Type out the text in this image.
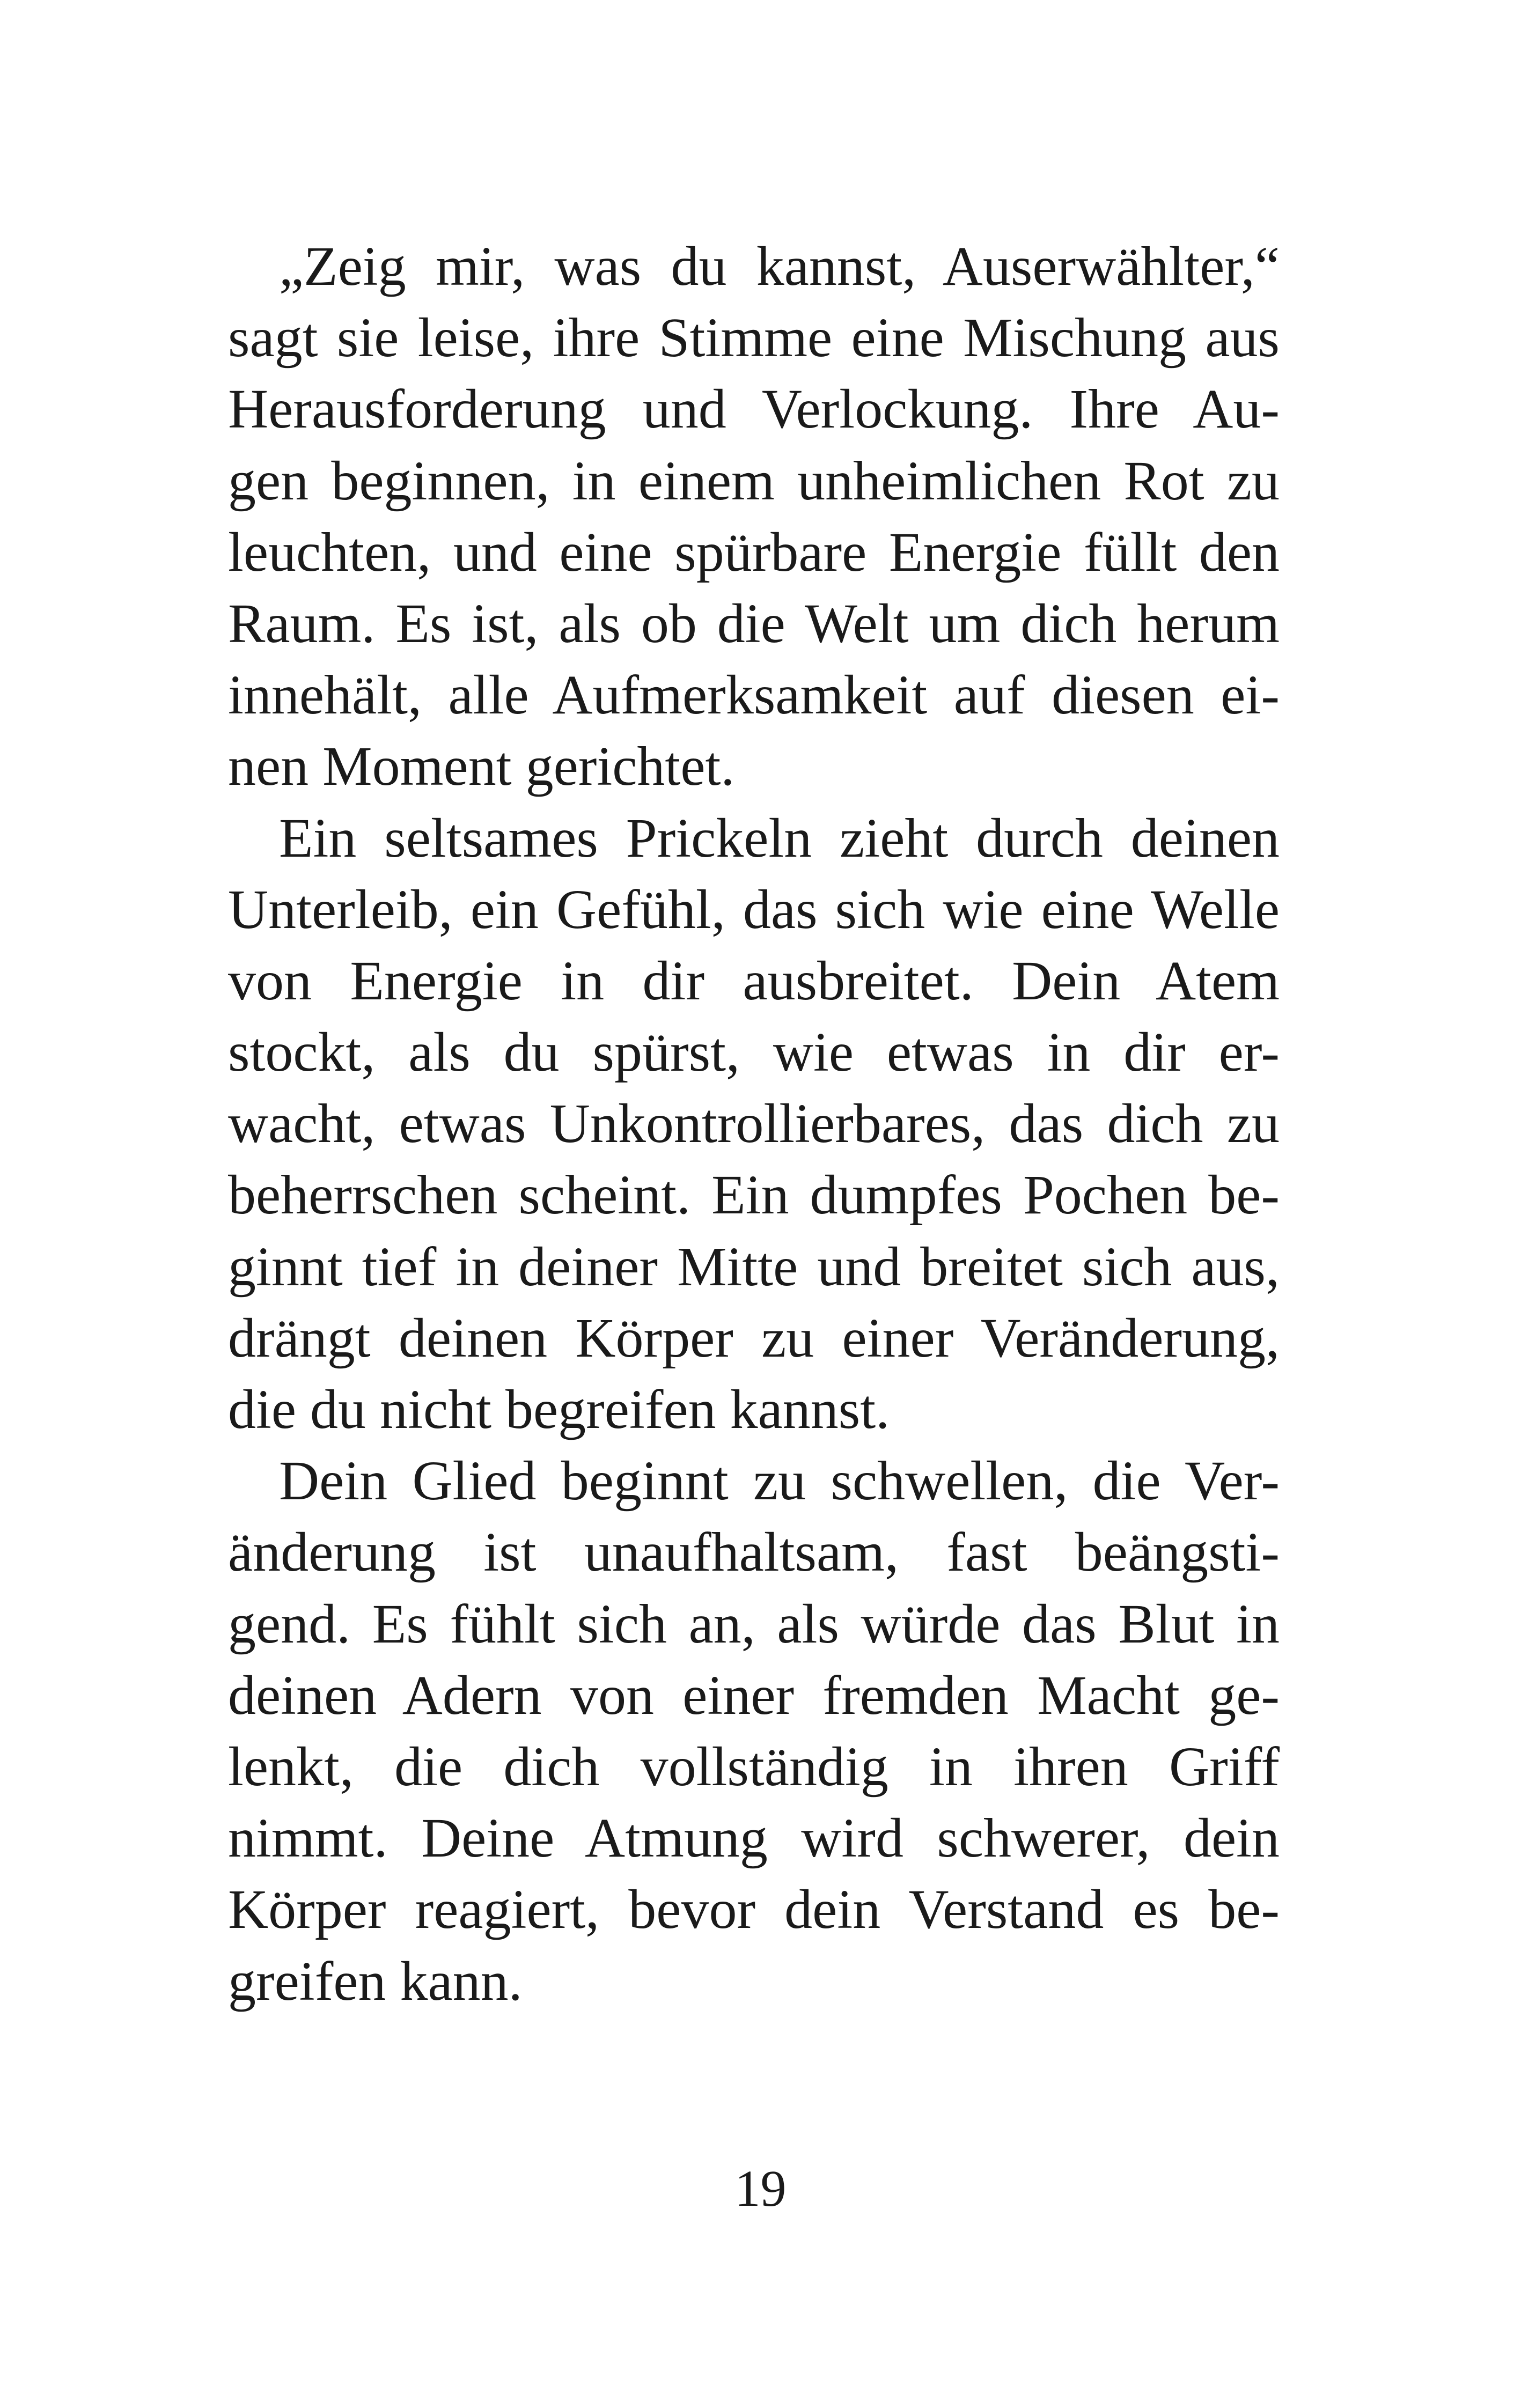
„Zeig mir, was du kannst, Auserwählter,“
sagt sie leise, ihre Stimme eine Mischung aus
Herausforderung und Verlockung. Ihre Au-
gen beginnen, in einem unheimlichen Rot zu
leuchten, und eine spürbare Energie füllt den
Raum. Es ist, als ob die Welt um dich herum
innehält, alle Aufmerksamkeit auf diesen ei-
nen Moment gerichtet.
Ein seltsames Prickeln zieht durch deinen
Unterleib, ein Gefühl, das sich wie eine Welle
von Energie in dir ausbreitet. Dein Atem
stockt, als du spürst, wie etwas in dir er-
wacht, etwas Unkontrollierbares, das dich zu
beherrschen scheint. Ein dumpfes Pochen be-
ginnt tief in deiner Mitte und breitet sich aus,
drängt deinen Körper zu einer Veränderung,
die du nicht begreifen kannst.
Dein Glied beginnt zu schwellen, die Ver-
änderung ist unaufhaltsam, fast beängsti-
gend. Es fühlt sich an, als würde das Blut in
deinen Adern von einer fremden Macht ge-
lenkt, die dich vollständig in ihren Griff
nimmt. Deine Atmung wird schwerer, dein
Körper reagiert, bevor dein Verstand es be-
greifen kann.
19
